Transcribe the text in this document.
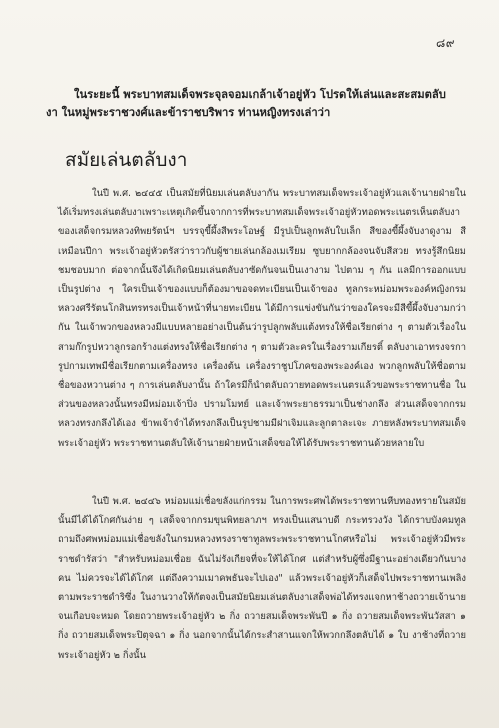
๘๙

ในระยะนี้ พระบาทสมเด็จพระจุลจอมเกล้าเจ้าอยู่หัว โปรดให้เล่นและสะสมตลับงา ในหมู่พระราชวงศ์และข้าราชบริพาร ท่านหญิงทรงเล่าว่า

สมัยเล่นตลับงา

ในปี พ.ศ. ๒๔๔๕ เป็นสมัยที่นิยมเล่นตลับงากัน พระบาทสมเด็จพระเจ้าอยู่หัวแลเจ้านายฝ่ายใน ได้เริ่มทรงเล่นตลับงาเพราะเหตุเกิดขึ้นจากการที่พระบาทสมเด็จพระเจ้าอยู่หัวทอดพระเนตรเห็นตลับงาของเสด็จกรมหลวงทิพยรัตน์ฯ บรรจุขี้ผึ้งสีพระโอษฐ์ มีรูปเป็นลูกพลับใบเล็ก สีของขี้ผึ้งจับงาดูงาม สีเหมือนปีกา พระเจ้าอยู่หัวตรัสว่าราวกับผู้ชายเล่นกล้องเมเรียม ซูบยากกล้องจนจับสีสวย ทรงรู้สึกนิยมชมชอบมาก ต่อจากนั้นจึงได้เกิดนิยมเล่นตลับงาซัดกันจนเป็นเงางาม ไปตาม ๆ กัน แลมีการออกแบบเป็นรูปต่าง ๆ ใครเป็นเจ้าของแบบก็ต้องมาขอจดทะเบียนเป็นเจ้าของ ทูลกระหม่อมพระองค์หญิงกรมหลวงศรีรัตนโกสินทรทรงเป็นเจ้าหน้าที่นายทะเบียน ได้มีการแข่งขันกันว่าของใครจะมีสีขี้ผึ้งจับงามกว่ากัน ในเจ้าพวกของหลวงมีแบบหลายอย่างเป็นต้นว่ารูปลูกพลับแต้งทรงให้ชื่อเรียกต่าง ๆ ตามตัวเรื่องในสามก๊กรูปหวาลูกรอกร้างแต่งทรงให้ชื่อเรียกต่าง ๆ ตามตัวละครในเรื่องรามเกียรติ์ ตลับงาเอาทรงจรการูปกามเทพมีชื่อเรียกตามเครื่องทรง เครื่องต้น เครื่องราชูปโภคของพระองค์เอง พวกลูกพลับให้ชื่อตามชื่อของหวานต่าง ๆ การเล่นตลับงานั้น ถ้าใครมีก็นำตลับถวายทอดพระเนตรแล้วขอพระราชทานชื่อ ในส่วนของหลวงนั้นทรงมีหม่อมเจ้าปิ่ง ปรามโมทย์ และเจ้าพระยาธรรมาเป็นช่างกลึง ส่วนเสด็จจากกรมหลวงทรงกลึงได้เอง ข้าพเจ้าจำได้ทรงกลึงเป็นรูปชามมีฝาเจิมและลูกตาละเจะ ภายหลังพระบาทสมเด็จพระเจ้าอยู่หัว พระราชทานตลับให้เจ้านายฝ่ายหน้าเสด็จขอให้ได้รับพระราชทานด้วยหลายใบ

ในปี พ.ศ. ๒๔๔๖ หม่อมแม่เชื่อขลังแก่กรรม ในการพระศพได้พระราชทานหีบทองทรายในสมัยนั้นมีได้ได้โกศกันง่าย ๆ เสด็จจากกรมขุนพิทยลาภฯ ทรงเป็นแสนาบดี กระทรวงวัง ได้กราบบังคมทูลถามถึงศพหม่อมแม่เชื่อขลังในกรมหลวงทรงราชาทูลพระพระราชทานโกศหรือไม่ พระเจ้าอยู่หัวมีพระราชดำรัสว่า "สำหรับหม่อมเชื่อย ฉันไม่รังเกียจที่จะให้ได้โกศ แต่สำหรับผู้ซึ่งมีฐานะอย่างเดียวกันบางคน ไม่ควรจะได้ได้โกศ แต่ถึงความเมาคพธันจะไปเอง" แล้วพระเจ้าอยู่หัวก็เสด็จไปพระราชทานเพลิงตามพระราชดำริซึ่ง ในงานวางให้กัตจงเป็นสมัยนิยมเล่นตลับงาเสด็จพ่อได้ทรงแจกหาช้างถวายเจ้านายจนเกือบจะหมด โดยถวายพระเจ้าอยู่หัว ๒ กิ่ง ถวายสมเด็จพระพันปี ๑ กิ่ง ถวายสมเด็จพระพันวัสสา ๑ กิ่ง ถวายสมเด็จพระปิตุจฉา ๑ กิ่ง นอกจากนั้นได้กระสำสานแจกให้พวกกลึงตลับได้ ๑ ใบ งาช้างที่ถวายพระเจ้าอยู่หัว ๒ กิ่งนั้น
